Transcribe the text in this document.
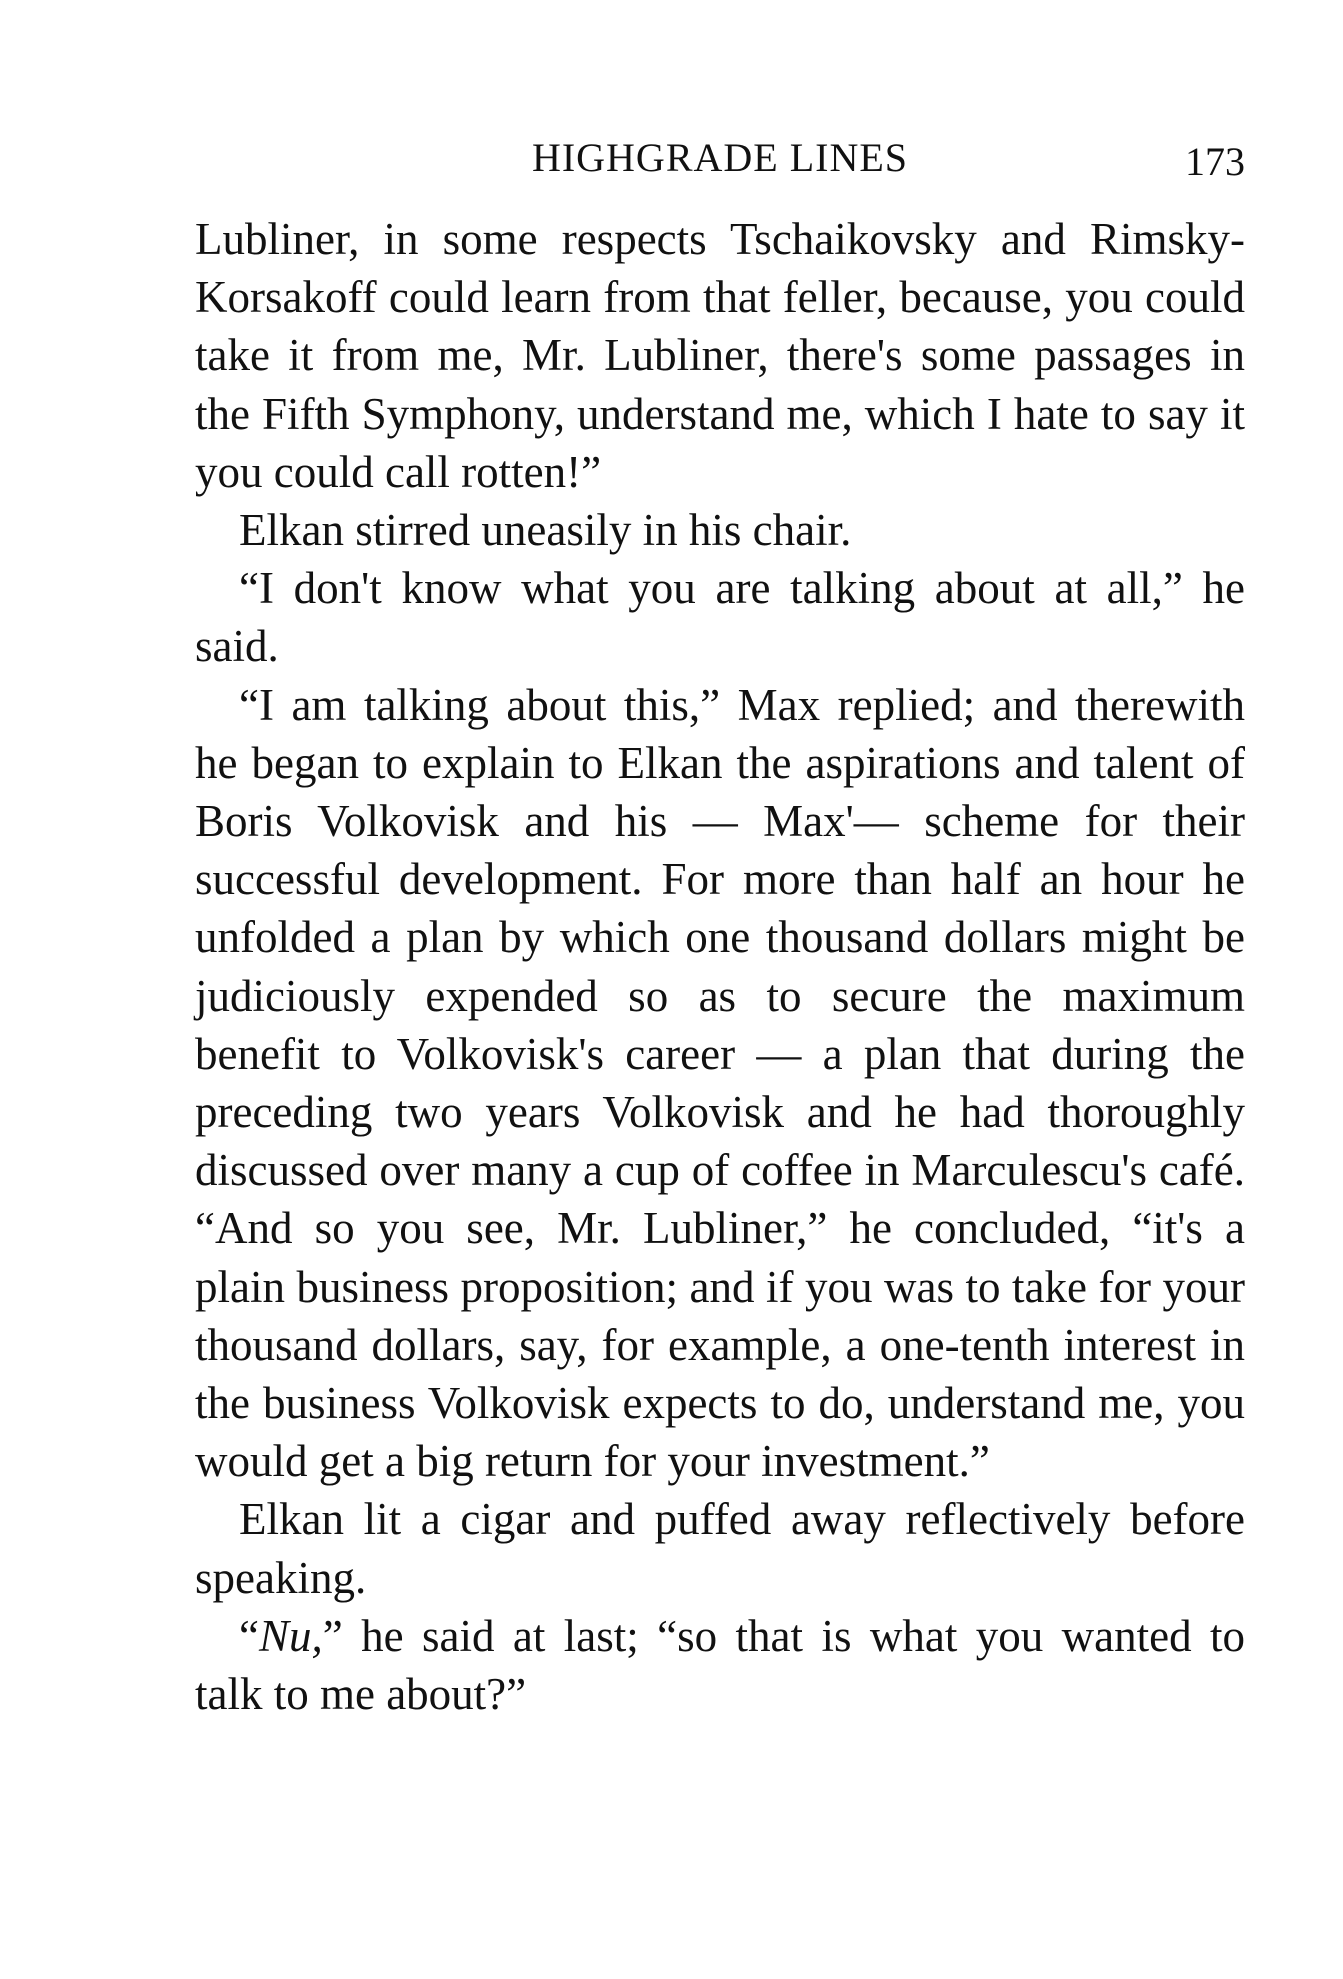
HIGHGRADE LINES	173

Lubliner, in some respects Tschaikovsky and Rimsky-Korsakoff could learn from that feller, because, you could take it from me, Mr. Lubliner, there's some passages in the Fifth Symphony, understand me, which I hate to say it you could call rotten!”

Elkan stirred uneasily in his chair.

“I don't know what you are talking about at all,” he said.

“I am talking about this,” Max replied; and therewith he began to explain to Elkan the aspirations and talent of Boris Volkovisk and his — Max'— scheme for their successful development. For more than half an hour he unfolded a plan by which one thousand dollars might be judiciously expended so as to secure the maximum benefit to Volkovisk's career — a plan that during the preceding two years Volkovisk and he had thoroughly discussed over many a cup of coffee in Marculescu's café. “And so you see, Mr. Lubliner,” he concluded, “it's a plain business proposition; and if you was to take for your thousand dollars, say, for example, a one-tenth interest in the business Volkovisk expects to do, understand me, you would get a big return for your investment.”

Elkan lit a cigar and puffed away reflectively before speaking.

“Nu,” he said at last; “so that is what you wanted to talk to me about?”
